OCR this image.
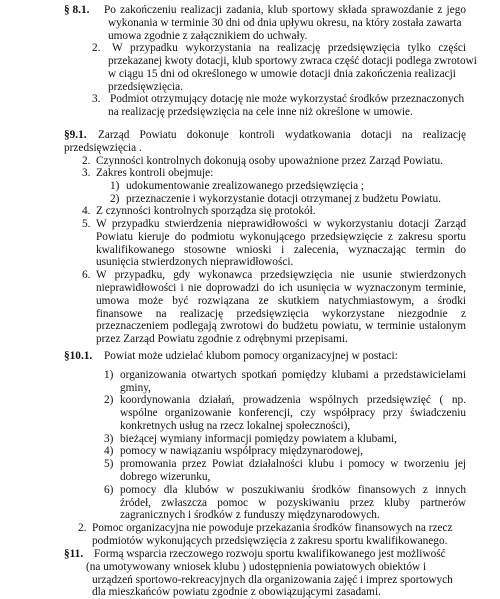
§ 8.1. Po zakończeniu realizacji zadania, klub sportowy składa sprawozdanie z jego
wykonania w terminie 30 dni od dnia upływu okresu, na który została zawarta
umowa zgodnie z załącznikiem do uchwały.
2. W przypadku wykorzystania na realizację przedsięwzięcia tylko części
przekazanej kwoty dotacji, klub sportowy zwraca część dotacji podlega zwrotowi
w ciągu 15 dni od określonego w umowie dotacji dnia zakończenia realizacji
przedsięwzięcia.
3. Podmiot otrzymujący dotację nie może wykorzystać środków przeznaczonych
na realizację przedsięwzięcia na cele inne niż określone w umowie.
§9.1. Zarząd Powiatu dokonuje kontroli wydatkowania dotacji na realizację
przedsięwzięcia .
2. Czynności kontrolnych dokonują osoby upoważnione przez Zarząd Powiatu.
3. Zakres kontroli obejmuje:
1) udokumentowanie zrealizowanego przedsięwzięcia ;
2) przeznaczenie i wykorzystanie dotacji otrzymanej z budżetu Powiatu.
4. Z czynności kontrolnych sporządza się protokół.
5. W przypadku stwierdzenia nieprawidłowości w wykorzystaniu dotacji Zarząd
Powiatu kieruje do podmiotu wykonującego przedsięwzięcie z zakresu sportu
kwalifikowanego stosowne wnioski i zalecenia, wyznaczając termin do
usunięcia stwierdzonych nieprawidłowości.
6. W przypadku, gdy wykonawca przedsięwzięcia nie usunie stwierdzonych
nieprawidłowości i nie doprowadzi do ich usunięcia w wyznaczonym terminie,
umowa może być rozwiązana ze skutkiem natychmiastowym, a środki
finansowe na realizację przedsięwzięcia wykorzystane niezgodnie z
przeznaczeniem podlegają zwrotowi do budżetu powiatu, w terminie ustalonym
przez Zarząd Powiatu zgodnie z odrębnymi przepisami.
§10.1. Powiat może udzielać klubom pomocy organizacyjnej w postaci:
1) organizowania otwartych spotkań pomiędzy klubami a przedstawicielami
gminy,
2) koordynowania działań, prowadzenia wspólnych przedsięwzięć ( np.
wspólne organizowanie konferencji, czy współpracy przy świadczeniu
konkretnych usług na rzecz lokalnej społeczności),
3) bieżącej wymiany informacji pomiędzy powiatem a klubami,
4) pomocy w nawiązaniu współpracy międzynarodowej,
5) promowania przez Powiat działalności klubu i pomocy w tworzeniu jej
dobrego wizerunku,
6) pomocy dla klubów w poszukiwaniu środków finansowych z innych
źródeł, zwłaszcza pomoc w pozyskiwaniu przez kluby partnerów
zagranicznych i środków z funduszy międzynarodowych.
2. Pomoc organizacyjna nie powoduje przekazania środków finansowych na rzecz
podmiotów wykonujących przedsięwzięcia z zakresu sportu kwalifikowanego.
§11. Formą wsparcia rzeczowego rozwoju sportu kwalifikowanego jest możliwość
(na umotywowany wniosek klubu ) udostępnienia powiatowych obiektów i
urządzeń sportowo-rekreacyjnych dla organizowania zajęć i imprez sportowych
dla mieszkańców powiatu zgodnie z obowiązującymi zasadami.
